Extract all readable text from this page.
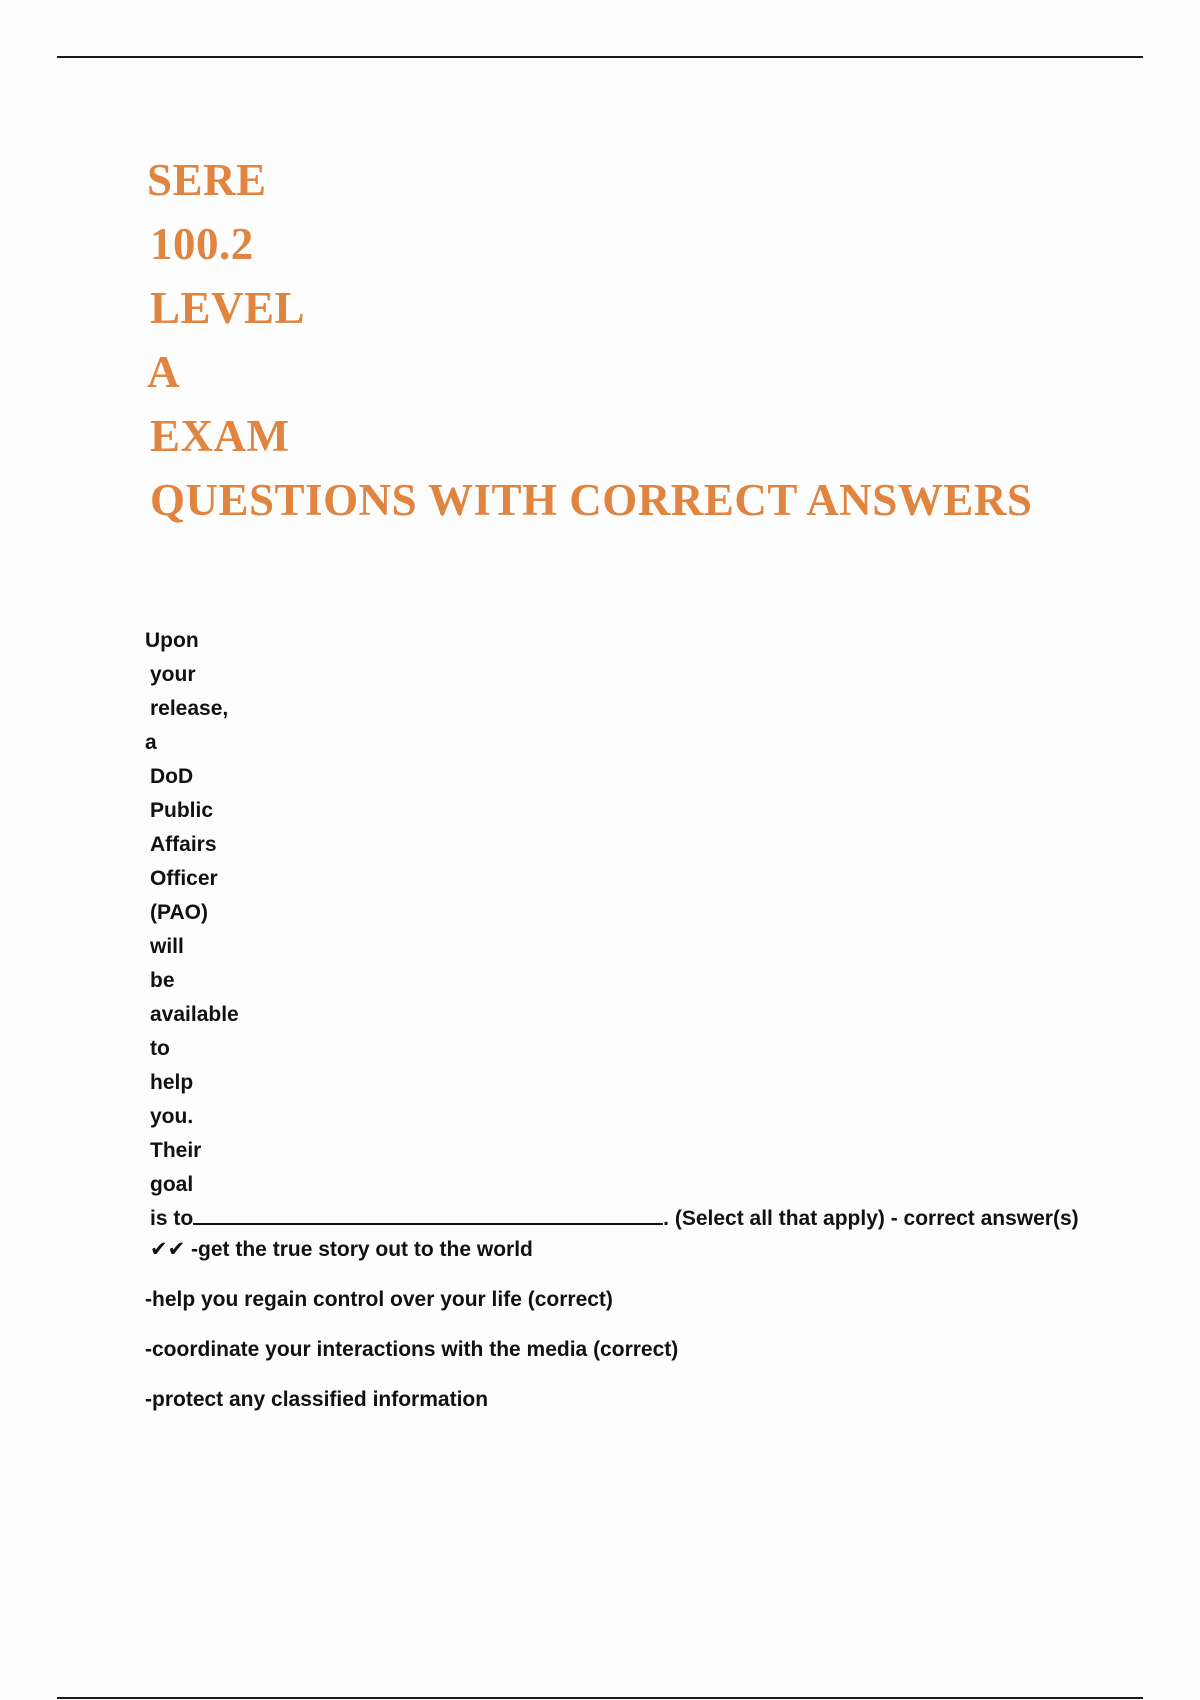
SERE
100.2
LEVEL
A
EXAM
QUESTIONS WITH CORRECT ANSWERS
Upon
your
release,
a
DoD
Public
Affairs
Officer
(PAO)
will
be
available
to
help
you.
Their
goal
is to	. (Select all that apply) - correct answer(s)
✔✔ -get the true story out to the world
-help you regain control over your life (correct)
-coordinate your interactions with the media (correct)
-protect any classified information
